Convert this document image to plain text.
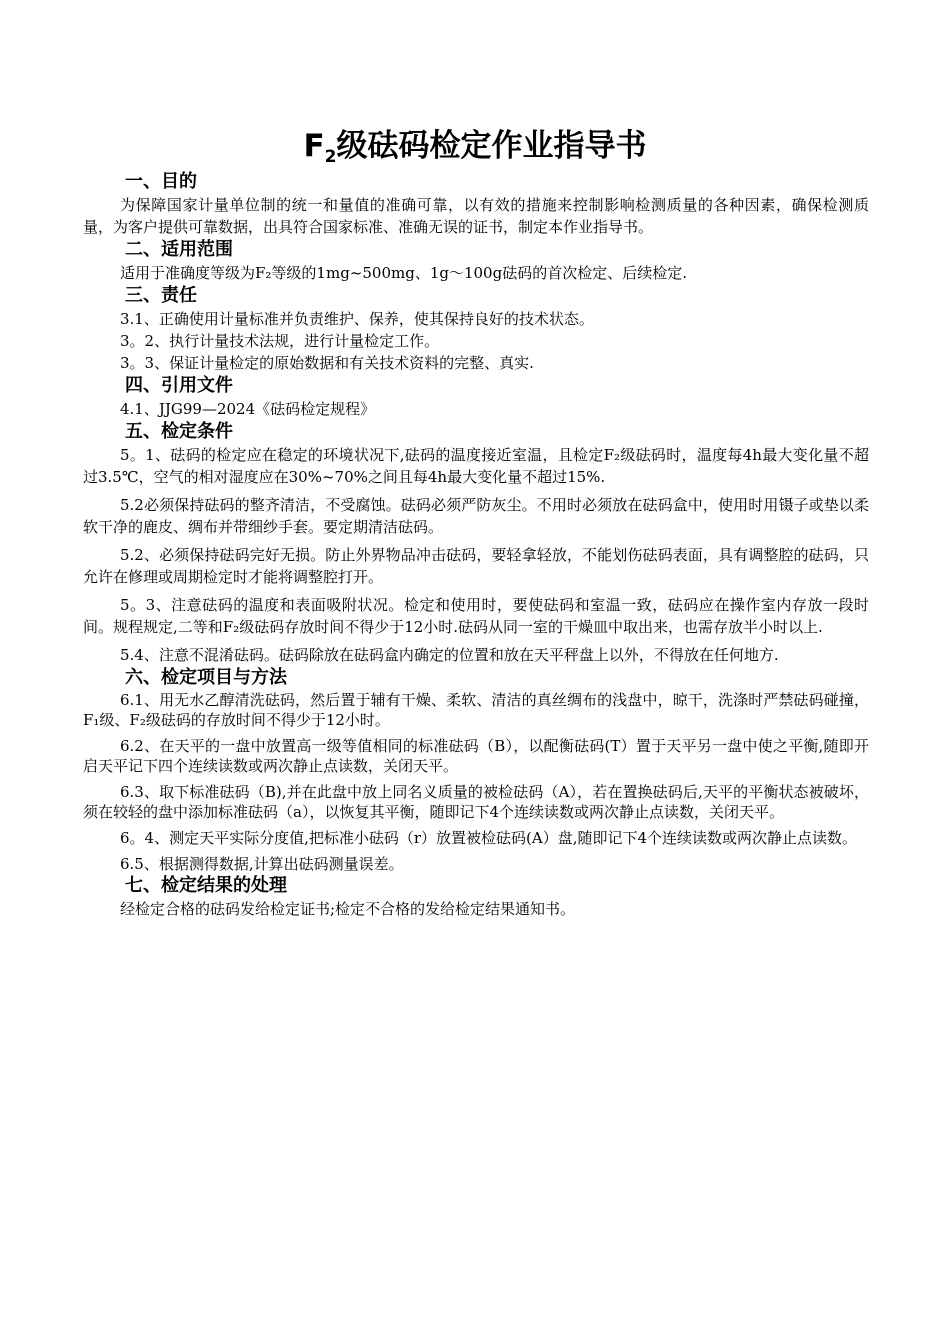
F2级砝码检定作业指导书
一、目的
为保障国家计量单位制的统一和量值的准确可靠，以有效的措施来控制影响检测质量的各种因素，确保检测质量，为客户提供可靠数据，出具符合国家标准、准确无误的证书，制定本作业指导书。
二、适用范围
适用于准确度等级为F₂等级的1mg~500mg、1g～100g砝码的首次检定、后续检定.
三、责任
3.1、正确使用计量标准并负责维护、保养，使其保持良好的技术状态。
3。2、执行计量技术法规，进行计量检定工作。
3。3、保证计量检定的原始数据和有关技术资料的完整、真实.
四、引用文件
4.1、JJG99—2024《砝码检定规程》
五、检定条件
5。1、砝码的检定应在稳定的环境状况下,砝码的温度接近室温，且检定F₂级砝码时，温度每4h最大变化量不超过3.5℃，空气的相对湿度应在30%~70%之间且每4h最大变化量不超过15%.
5.2必须保持砝码的整齐清洁，不受腐蚀。砝码必须严防灰尘。不用时必须放在砝码盒中，使用时用镊子或垫以柔软干净的鹿皮、绸布并带细纱手套。要定期清洁砝码。
5.2、必须保持砝码完好无损。防止外界物品冲击砝码，要轻拿轻放，不能划伤砝码表面，具有调整腔的砝码，只允许在修理或周期检定时才能将调整腔打开。
5。3、注意砝码的温度和表面吸附状况。检定和使用时，要使砝码和室温一致，砝码应在操作室内存放一段时间。规程规定,二等和F₂级砝码存放时间不得少于12小时.砝码从同一室的干燥皿中取出来，也需存放半小时以上.
5.4、注意不混淆砝码。砝码除放在砝码盒内确定的位置和放在天平秤盘上以外，不得放在任何地方.
六、检定项目与方法
6.1、用无水乙醇清洗砝码，然后置于辅有干燥、柔软、清洁的真丝绸布的浅盘中，晾干，洗涤时严禁砝码碰撞，F₁级、F₂级砝码的存放时间不得少于12小时。
6.2、在天平的一盘中放置高一级等值相同的标准砝码（B），以配衡砝码(T）置于天平另一盘中使之平衡,随即开启天平记下四个连续读数或两次静止点读数，关闭天平。
6.3、取下标准砝码（B),并在此盘中放上同名义质量的被检砝码（A），若在置换砝码后,天平的平衡状态被破坏，须在较轻的盘中添加标准砝码（a），以恢复其平衡，随即记下4个连续读数或两次静止点读数，关闭天平。
6。4、测定天平实际分度值,把标准小砝码（r）放置被检砝码(A）盘,随即记下4个连续读数或两次静止点读数。
6.5、根据测得数据,计算出砝码测量误差。
七、检定结果的处理
经检定合格的砝码发给检定证书;检定不合格的发给检定结果通知书。
